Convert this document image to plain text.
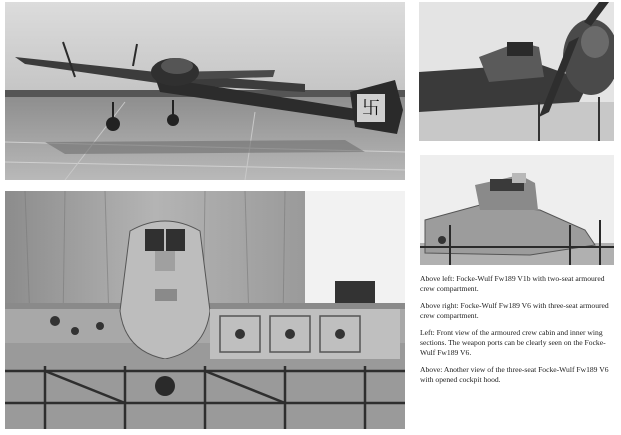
卐

Above left: Focke-Wulf Fw189 V1b with two-seat armoured crew compartment.

Above right: Focke-Wulf Fw189 V6 with three-seat armoured crew compartment.

Left: Front view of the armoured crew cabin and inner wing sections. The weapon ports can be clearly seen on the Focke-Wulf Fw189 V6.

Above: Another view of the three-seat Focke-Wulf Fw189 V6 with opened cockpit hood.
